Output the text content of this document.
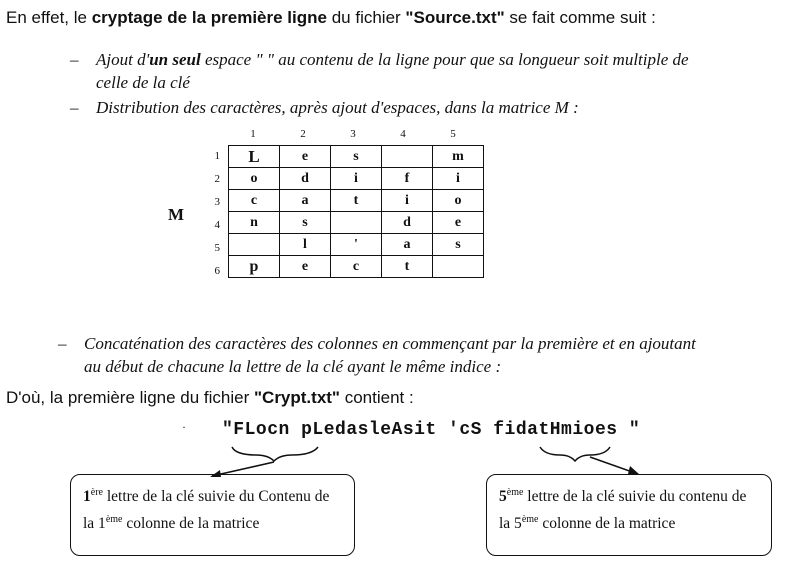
En effet, le cryptage de la première ligne du fichier "Source.txt" se fait comme suit :
– Ajout d'un seul espace " " au contenu de la ligne pour que sa longueur soit multiple de
celle de la clé
– Distribution des caractères, après ajout d'espaces, dans la matrice M :
M
1	2	3	4	5
1
2
3
4
5
6
L	e	s		m
o	d	i	f	i
c	a	t	i	o
n	s		d	e
	l	'	a	s
p	e	c	t	
– Concaténation des caractères des colonnes en commençant par la première et en ajoutant
au début de chacune la lettre de la clé ayant le même indice :
D'où, la première ligne du fichier "Crypt.txt" contient :
· "FLocn pLedasleAsit 'cS fidatHmioes "
1ère lettre de la clé suivie du Contenu de la 1ème colonne de la matrice
5ème lettre de la clé suivie du contenu de la 5ème colonne de la matrice
